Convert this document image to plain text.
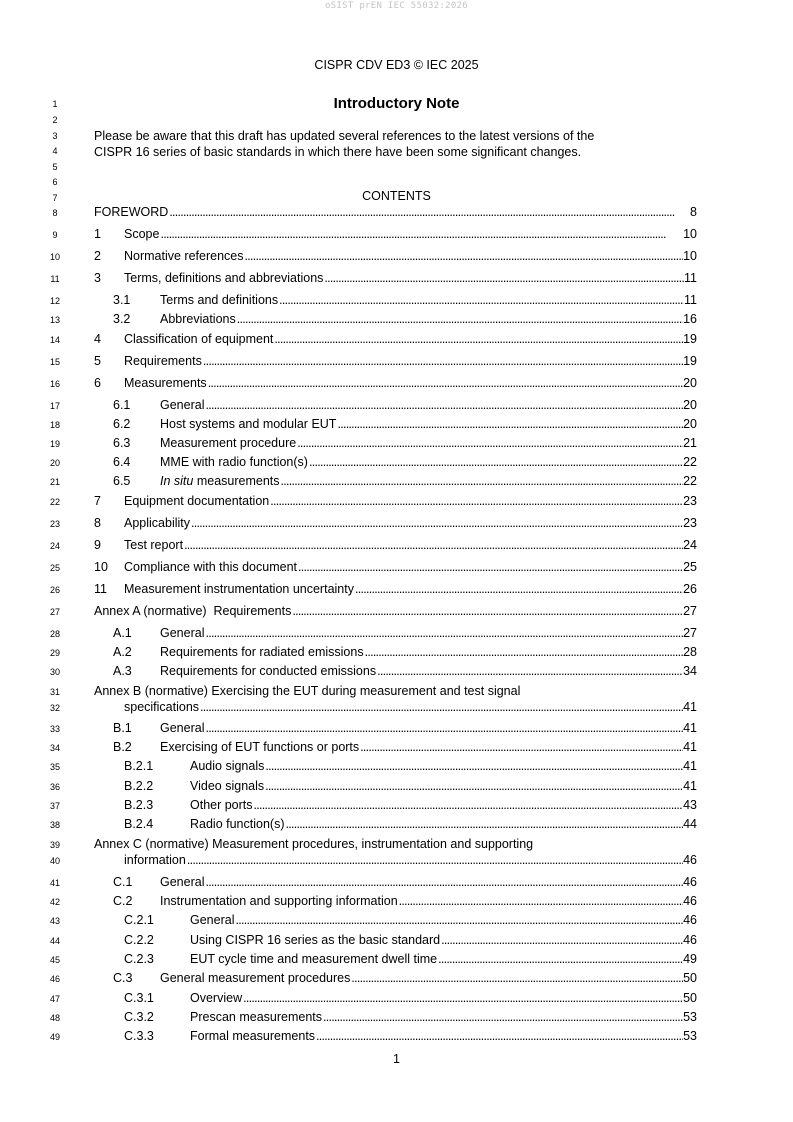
oSIST prEN IEC 55032:2026
CISPR CDV ED3 © IEC 2025
1
2
3
4
5
6
7
8
9
10
11
12
13
14
15
16
17
18
19
20
21
22
23
24
25
26
27
28
29
30
31
32
33
34
35
36
37
38
39
40
41
42
43
44
45
46
47
48
49
Introductory Note
Please be aware that this draft has updated several references to the latest versions of the
CISPR 16 series of basic standards in which there have been some significant changes.
CONTENTS
FOREWORD . . .	8
1 Scope . . .	10
2 Normative references . . .	10
3 Terms, definitions and abbreviations . . .	11
3.1 Terms and definitions . . .	11
3.2 Abbreviations . . .	16
4 Classification of equipment . . .	19
5 Requirements . . .	19
6 Measurements . . .	20
6.1 General . . .	20
6.2 Host systems and modular EUT . . .	20
6.3 Measurement procedure . . .	21
6.4 MME with radio function(s) . . .	22
6.5 In situ measurements . . .	22
7 Equipment documentation . . .	23
8 Applicability . . .	23
9 Test report . . .	24
10 Compliance with this document . . .	25
11 Measurement instrumentation uncertainty . . .	26
Annex A (normative)  Requirements . . .	27
A.1 General . . .	27
A.2 Requirements for radiated emissions . . .	28
A.3 Requirements for conducted emissions . . .	34
Annex B (normative) Exercising the EUT during measurement and test signal
specifications . . .	41
B.1 General . . .	41
B.2 Exercising of EUT functions or ports . . .	41
B.2.1	Audio signals . . .	41
B.2.2	Video signals . . .	41
B.2.3	Other ports . . .	43
B.2.4	Radio function(s) . . .	44
Annex C (normative) Measurement procedures, instrumentation and supporting
information . . .	46
C.1 General . . .	46
C.2 Instrumentation and supporting information . . .	46
C.2.1	General . . .	46
C.2.2	Using CISPR 16 series as the basic standard . . .	46
C.2.3	EUT cycle time and measurement dwell time . . .	49
C.3 General measurement procedures . . .	50
C.3.1	Overview . . .	50
C.3.2	Prescan measurements . . .	53
C.3.3	Formal measurements . . .	53
1
